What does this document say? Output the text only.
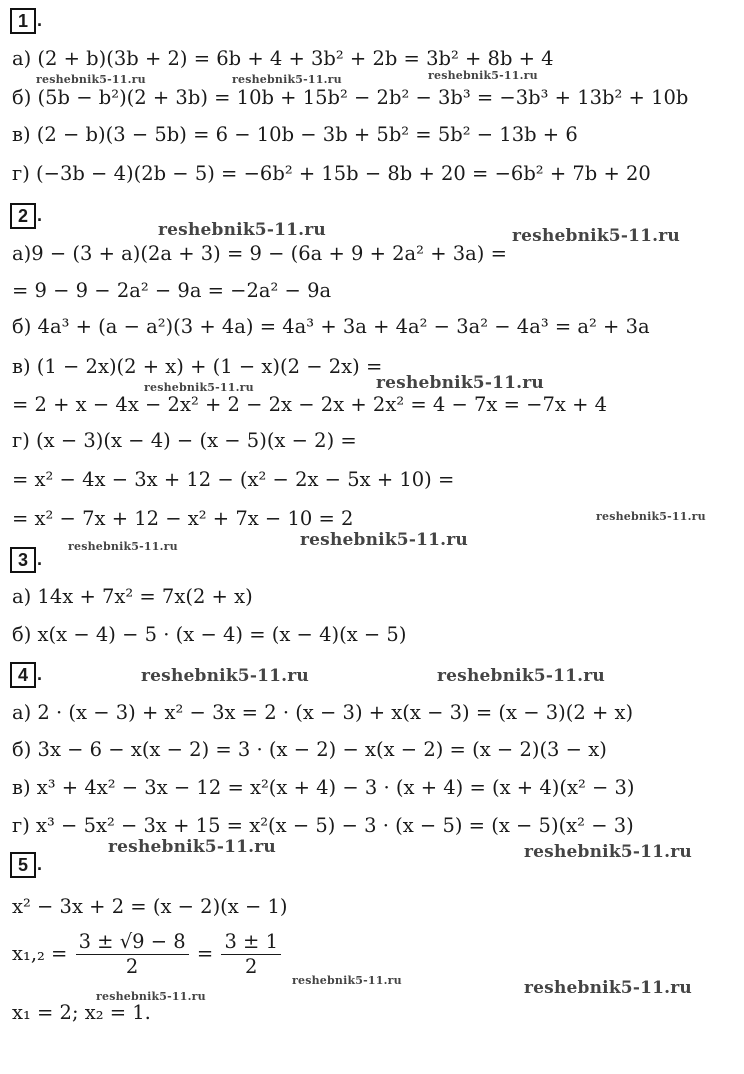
1 .
2 .
3 .
4 .
5 .
а) (2 + b)(3b + 2) = 6b + 4 + 3b² + 2b = 3b² + 8b + 4
б) (5b − b²)(2 + 3b) = 10b + 15b² − 2b² − 3b³ = −3b³ + 13b² + 10b
в) (2 − b)(3 − 5b) = 6 − 10b − 3b + 5b² = 5b² − 13b + 6
г) (−3b − 4)(2b − 5) = −6b² + 15b − 8b + 20 = −6b² + 7b + 20
а)9 − (3 + a)(2a + 3) = 9 − (6a + 9 + 2a² + 3a) =
= 9 − 9 − 2a² − 9a = −2a² − 9a
б) 4a³ + (a − a²)(3 + 4a) = 4a³ + 3a + 4a² − 3a² − 4a³ = a² + 3a
в) (1 − 2x)(2 + x) + (1 − x)(2 − 2x) =
= 2 + x − 4x − 2x² + 2 − 2x − 2x + 2x² = 4 − 7x = −7x + 4
г) (x − 3)(x − 4) − (x − 5)(x − 2) =
= x² − 4x − 3x + 12 − (x² − 2x − 5x + 10) =
= x² − 7x + 12 − x² + 7x − 10 = 2
а) 14x + 7x² = 7x(2 + x)
б) x(x − 4) − 5 · (x − 4) = (x − 4)(x − 5)
а) 2 · (x − 3) + x² − 3x = 2 · (x − 3) + x(x − 3) = (x − 3)(2 + x)
б) 3x − 6 − x(x − 2) = 3 · (x − 2) − x(x − 2) = (x − 2)(3 − x)
в) x³ + 4x² − 3x − 12 = x²(x + 4) − 3 · (x + 4) = (x + 4)(x² − 3)
г) x³ − 5x² − 3x + 15 = x²(x − 5) − 3 · (x − 5) = (x − 5)(x² − 3)
x² − 3x + 2 = (x − 2)(x − 1)
$x_1,_2 = \frac{3 \pm √9 - 8}{2} = \frac{3 \pm 1}{2}$
x₁ = 2; x₂ = 1.
reshebnik5-11.ru	reshebnik5-11.ru	reshebnik5-11.ru
reshebnik5-11.ru	reshebnik5-11.ru
reshebnik5-11.ru	reshebnik5-11.ru
reshebnik5-11.ru
reshebnik5-11.ru	reshebnik5-11.ru
reshebnik5-11.ru	reshebnik5-11.ru
reshebnik5-11.ru	reshebnik5-11.ru
reshebnik5-11.ru	reshebnik5-11.ru
reshebnik5-11.ru
